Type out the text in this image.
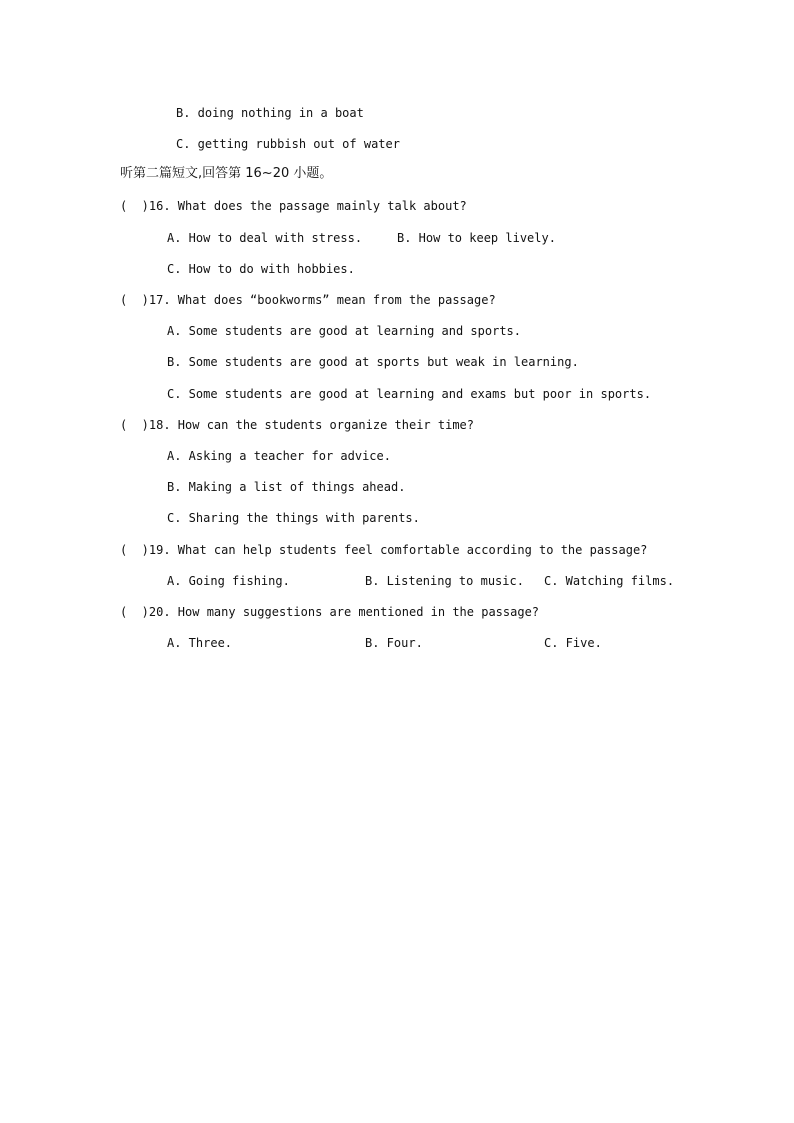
B. doing nothing in a boat
C. getting rubbish out of water
听第二篇短文,回答第 16~20 小题。
(  )16. What does the passage mainly talk about?
A. How to deal with stress.	B. How to keep lively.
C. How to do with hobbies.
(  )17. What does “bookworms” mean from the passage?
A. Some students are good at learning and sports.
B. Some students are good at sports but weak in learning.
C. Some students are good at learning and exams but poor in sports.
(  )18. How can the students organize their time?
A. Asking a teacher for advice.
B. Making a list of things ahead.
C. Sharing the things with parents.
(  )19. What can help students feel comfortable according to the passage?
A. Going fishing.	B. Listening to music. C. Watching films.
(  )20. How many suggestions are mentioned in the passage?
A. Three.	B. Four.	C. Five.
